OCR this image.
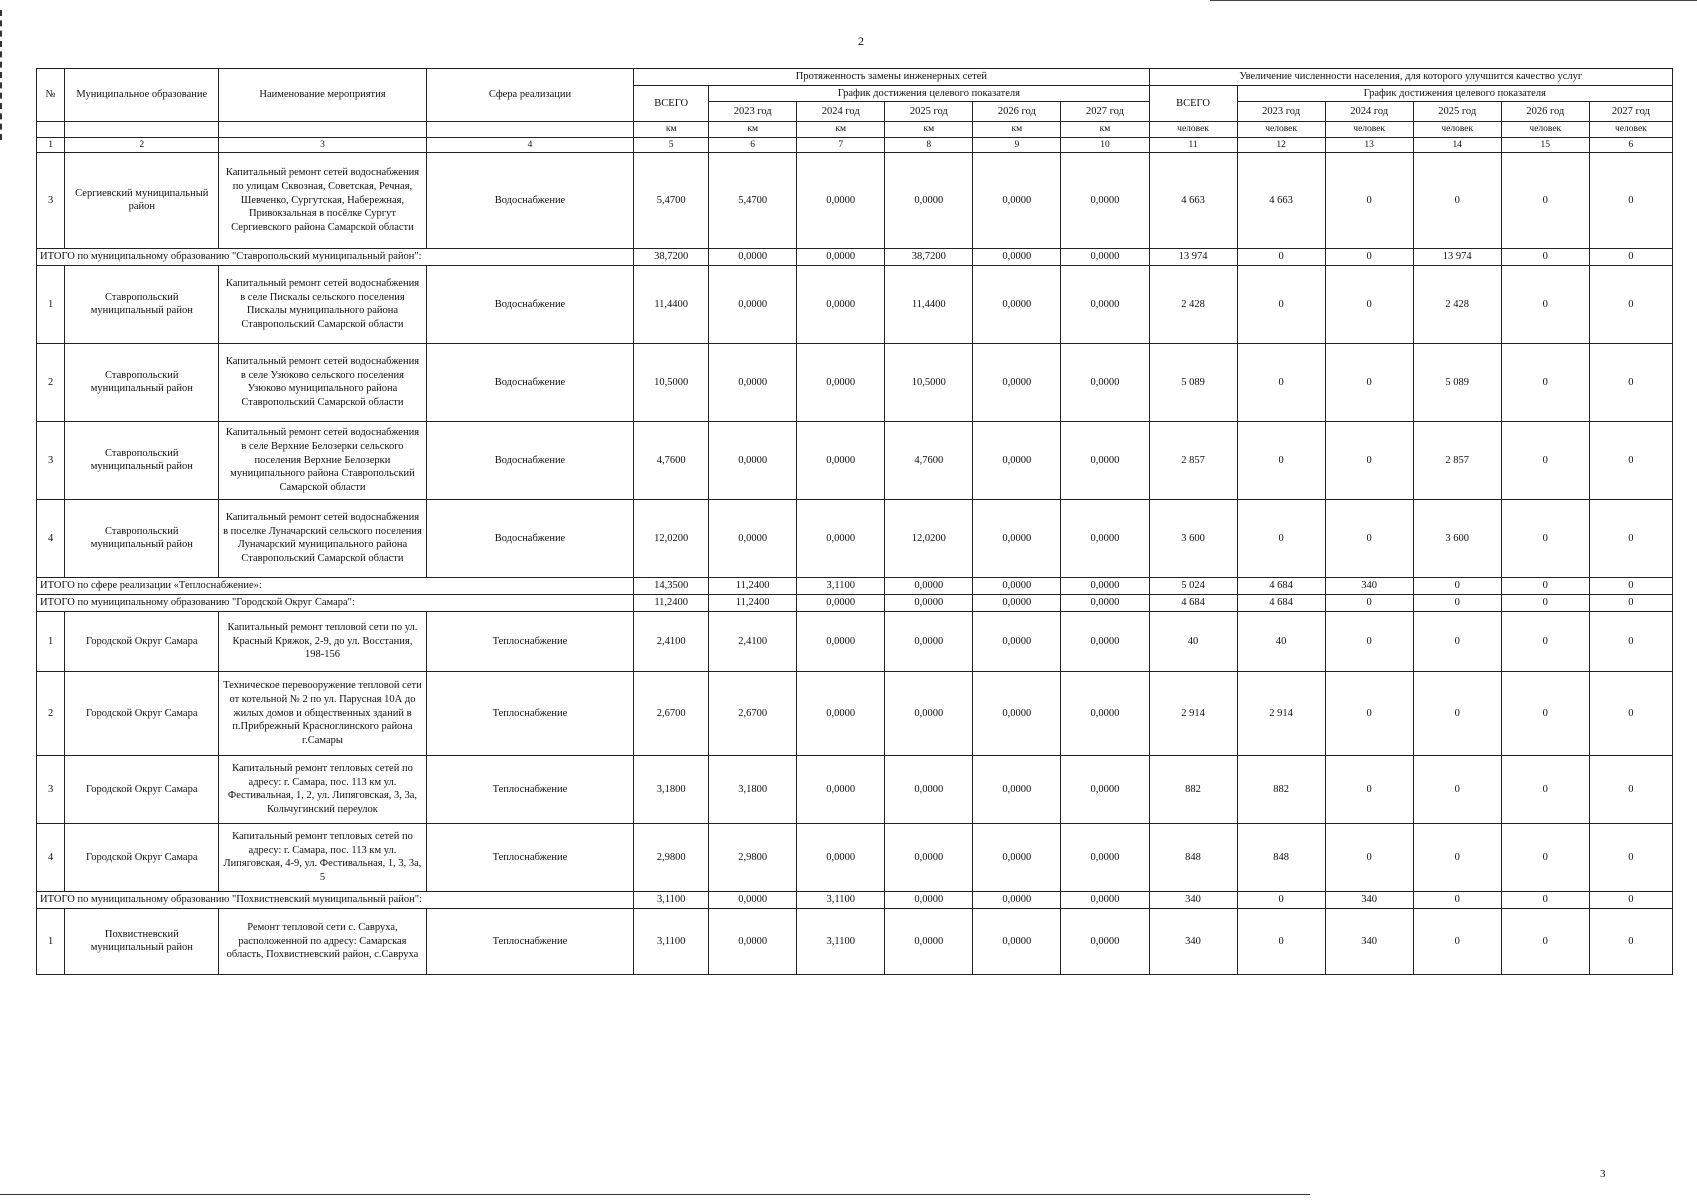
2
№	Муниципальное образование	Наименование мероприятия	Сфера реализации	Протяженность замены инженерных сетей						Увеличение численности населения, для которого улучшится качество услуг					
				ВСЕГО	График достижения целевого показателя					ВСЕГО	График достижения целевого показателя				
					2023 год	2024 год	2025 год	2026 год	2027 год		2023 год	2024 год	2025 год	2026 год	2027 год
				км	км	км	км	км	км	человек	человек	человек	человек	человек	человек
1	2	3	4	5	6	7	8	9	10	11	12	13	14	15	6
3	Сергиевский муниципальный район	Капитальный ремонт сетей водоснабжения по улицам Сквозная, Советская, Речная, Шевченко, Сургутская, Набережная, Привокзальная в посёлке Сургут Сергиевского района Самарской области	Водоснабжение	5,4700	5,4700	0,0000	0,0000	0,0000	0,0000	4 663	4 663	0	0	0	0
ИТОГО по муниципальному образованию "Ставропольский муниципальный район":				38,7200	0,0000	0,0000	38,7200	0,0000	0,0000	13 974	0	0	13 974	0	0
1	Ставропольский муниципальный район	Капитальный ремонт сетей водоснабжения в селе Пискалы сельского поселения Пискалы муниципального района Ставропольский Самарской области	Водоснабжение	11,4400	0,0000	0,0000	11,4400	0,0000	0,0000	2 428	0	0	2 428	0	0
2	Ставропольский муниципальный район	Капитальный ремонт сетей водоснабжения в селе Узюково сельского поселения Узюково муниципального района Ставропольский Самарской области	Водоснабжение	10,5000	0,0000	0,0000	10,5000	0,0000	0,0000	5 089	0	0	5 089	0	0
3	Ставропольский муниципальный район	Капитальный ремонт сетей водоснабжения в селе Верхние Белозерки сельского поселения Верхние Белозерки муниципального района Ставропольский Самарской области	Водоснабжение	4,7600	0,0000	0,0000	4,7600	0,0000	0,0000	2 857	0	0	2 857	0	0
4	Ставропольский муниципальный район	Капитальный ремонт сетей водоснабжения в поселке Луначарский сельского поселения Луначарский муниципального района Ставропольский Самарской области	Водоснабжение	12,0200	0,0000	0,0000	12,0200	0,0000	0,0000	3 600	0	0	3 600	0	0
ИТОГО по сфере реализации «Теплоснабжение»:				14,3500	11,2400	3,1100	0,0000	0,0000	0,0000	5 024	4 684	340	0	0	0
ИТОГО по муниципальному образованию "Городской Округ Самара":				11,2400	11,2400	0,0000	0,0000	0,0000	0,0000	4 684	4 684	0	0	0	0
1	Городской Округ Самара	Капитальный ремонт тепловой сети по ул. Красный Кряжок, 2-9, до ул. Восстания, 198-156	Теплоснабжение	2,4100	2,4100	0,0000	0,0000	0,0000	0,0000	40	40	0	0	0	0
2	Городской Округ Самара	Техническое перевооружение тепловой сети от котельной № 2 по ул. Парусная 10А до жилых домов и общественных зданий в п.Прибрежный Красноглинского района г.Самары	Теплоснабжение	2,6700	2,6700	0,0000	0,0000	0,0000	0,0000	2 914	2 914	0	0	0	0
3	Городской Округ Самара	Капитальный ремонт тепловых сетей по адресу: г. Самара, пос. 113 км ул. Фестивальная, 1, 2, ул. Липяговская, 3, 3а, Кольчугинский переулок	Теплоснабжение	3,1800	3,1800	0,0000	0,0000	0,0000	0,0000	882	882	0	0	0	0
4	Городской Округ Самара	Капитальный ремонт тепловых сетей по адресу: г. Самара, пос. 113 км ул. Липяговская, 4-9, ул. Фестивальная, 1, 3, 3а, 5	Теплоснабжение	2,9800	2,9800	0,0000	0,0000	0,0000	0,0000	848	848	0	0	0	0
ИТОГО по муниципальному образованию "Похвистневский муниципальный район":				3,1100	0,0000	3,1100	0,0000	0,0000	0,0000	340	0	340	0	0	0
1	Похвистневский муниципальный район	Ремонт тепловой сети с. Савруха, расположенной по адресу: Самарская область, Похвистневский район, с.Савруха	Теплоснабжение	3,1100	0,0000	3,1100	0,0000	0,0000	0,0000	340	0	340	0	0	0
3
